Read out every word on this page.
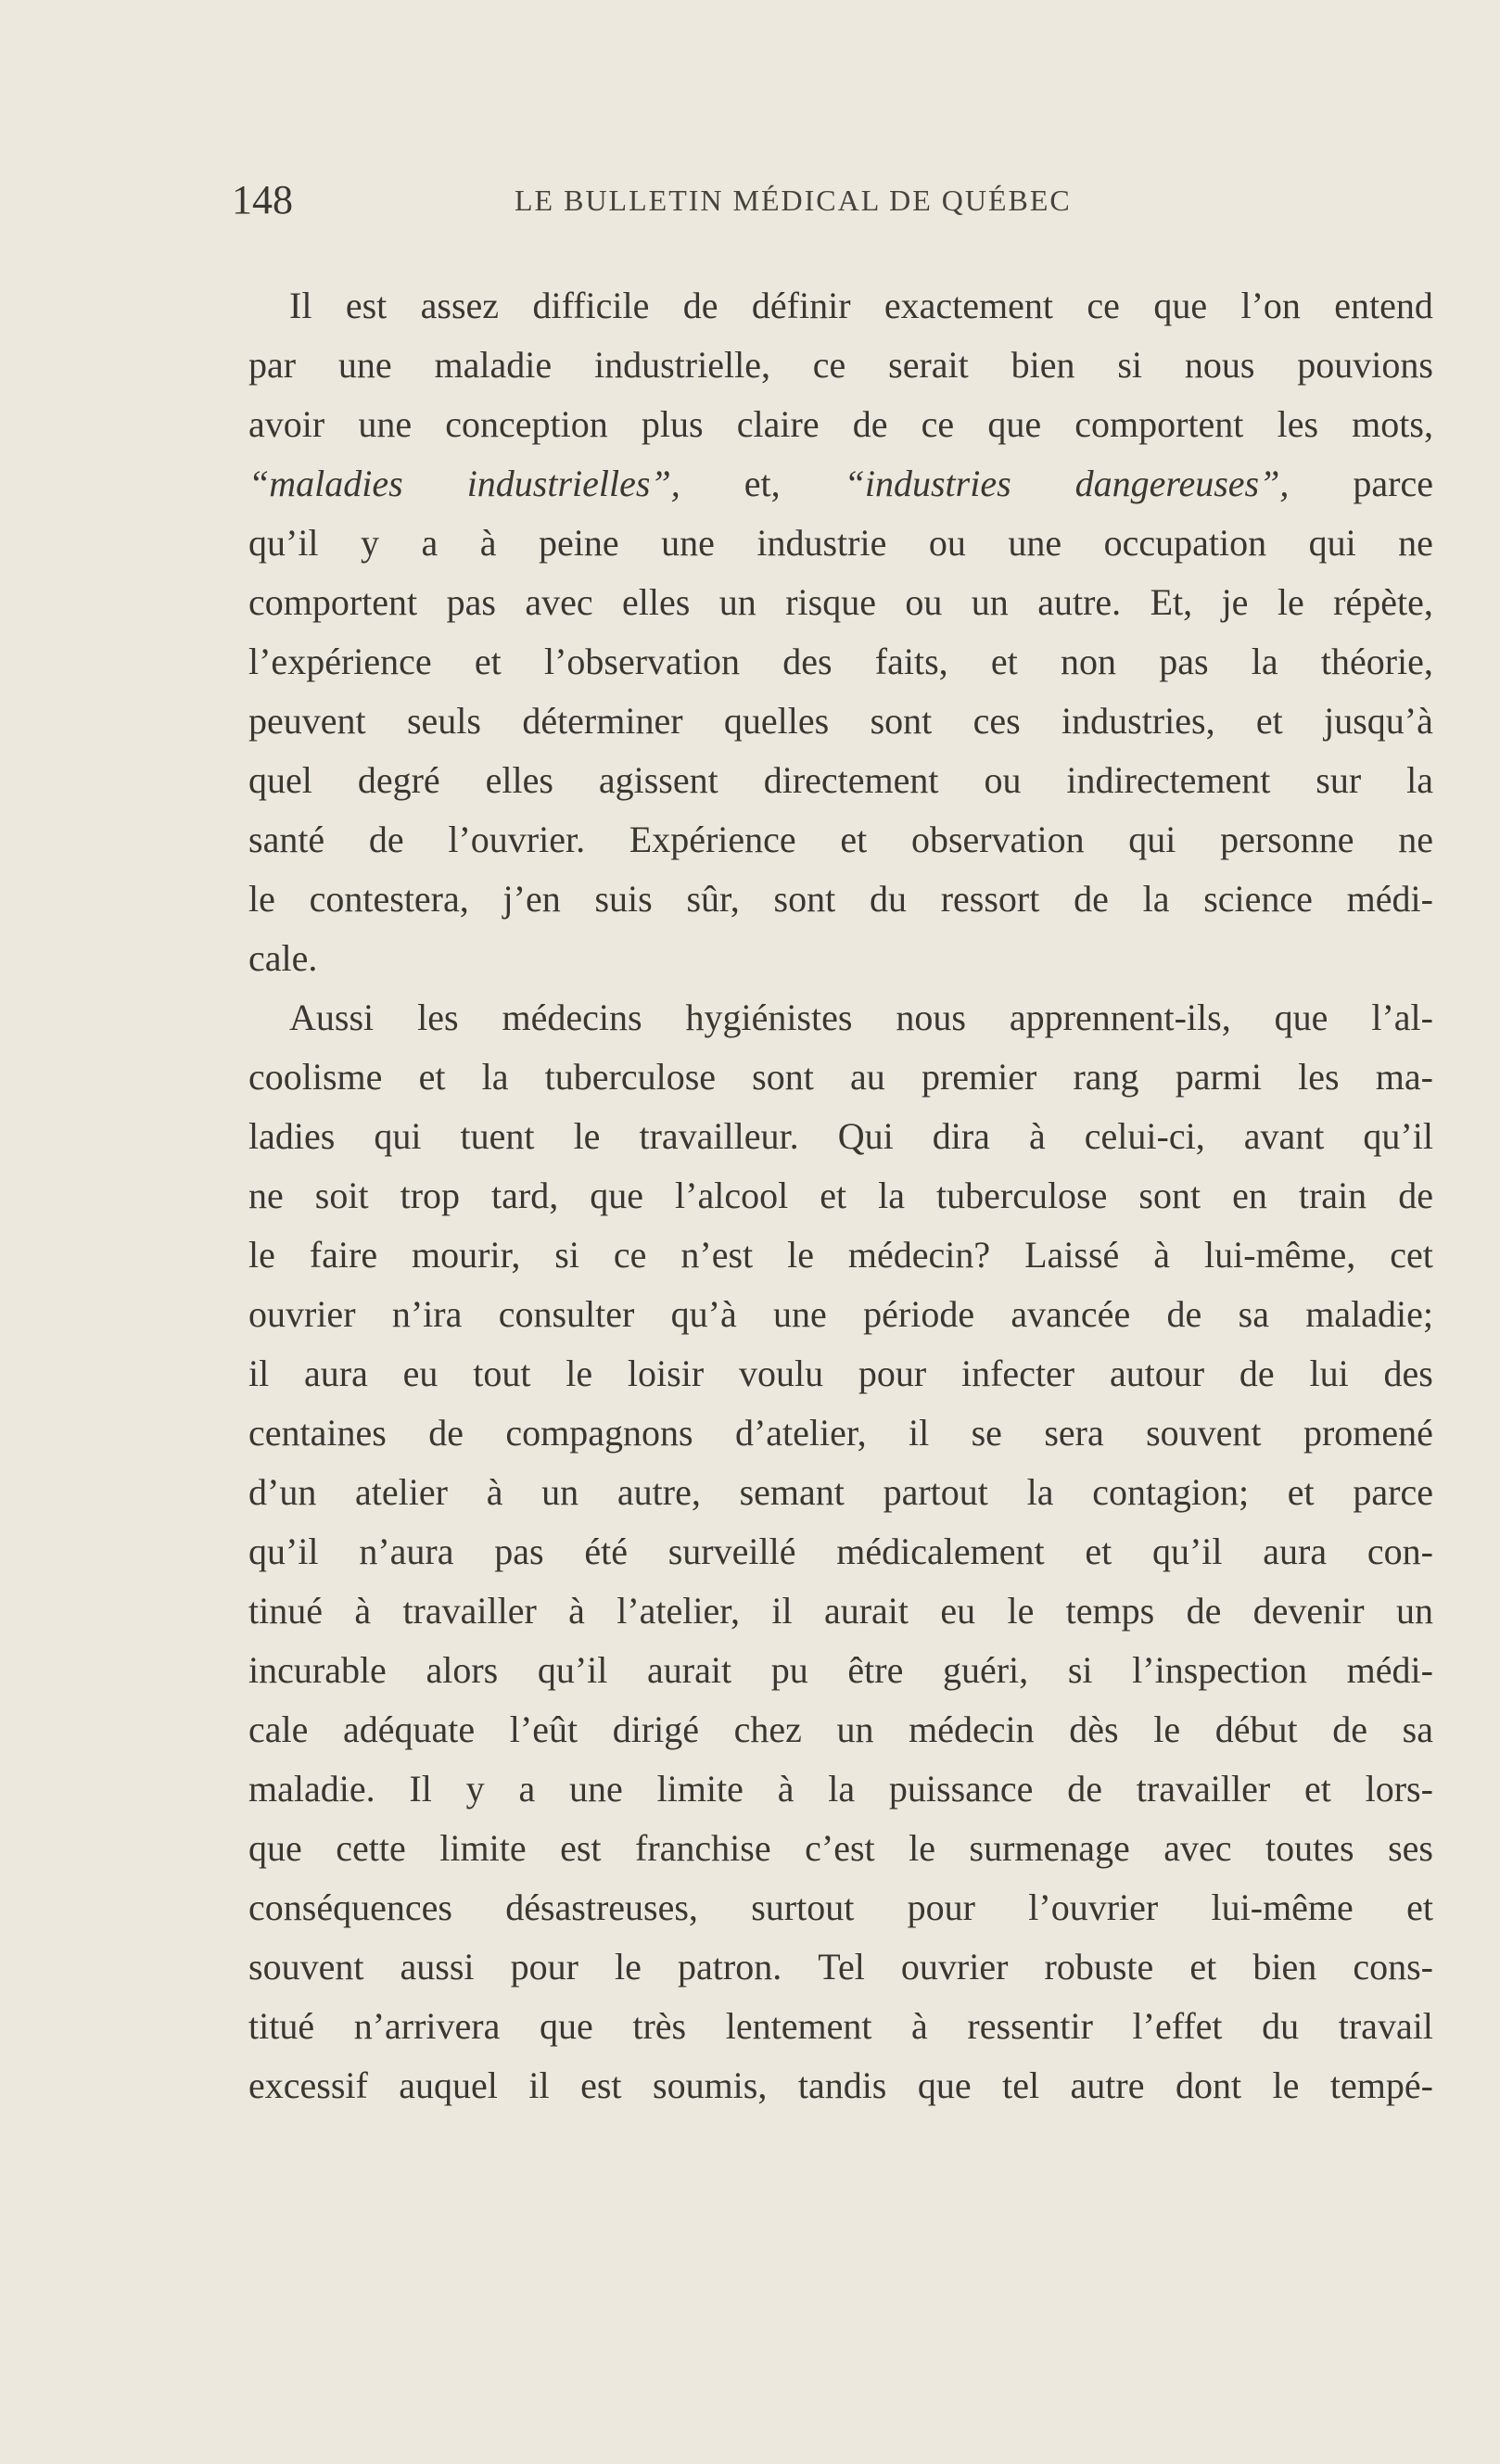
148	LE BULLETIN MÉDICAL DE QUÉBEC
Il est assez difficile de définir exactement ce que l’on entend
par une maladie industrielle, ce serait bien si nous pouvions
avoir une conception plus claire de ce que comportent les mots,
“maladies industrielles”, et, “industries dangereuses”, parce
qu’il y a à peine une industrie ou une occupation qui ne
comportent pas avec elles un risque ou un autre. Et, je le répète,
l’expérience et l’observation des faits, et non pas la théorie,
peuvent seuls déterminer quelles sont ces industries, et jusqu’à
quel degré elles agissent directement ou indirectement sur la
santé de l’ouvrier. Expérience et observation qui personne ne
le contestera, j’en suis sûr, sont du ressort de la science médi-
cale.
Aussi les médecins hygiénistes nous apprennent-ils, que l’al-
coolisme et la tuberculose sont au premier rang parmi les ma-
ladies qui tuent le travailleur. Qui dira à celui-ci, avant qu’il
ne soit trop tard, que l’alcool et la tuberculose sont en train de
le faire mourir, si ce n’est le médecin? Laissé à lui-même, cet
ouvrier n’ira consulter qu’à une période avancée de sa maladie;
il aura eu tout le loisir voulu pour infecter autour de lui des
centaines de compagnons d’atelier, il se sera souvent promené
d’un atelier à un autre, semant partout la contagion; et parce
qu’il n’aura pas été surveillé médicalement et qu’il aura con-
tinué à travailler à l’atelier, il aurait eu le temps de devenir un
incurable alors qu’il aurait pu être guéri, si l’inspection médi-
cale adéquate l’eût dirigé chez un médecin dès le début de sa
maladie. Il y a une limite à la puissance de travailler et lors-
que cette limite est franchise c’est le surmenage avec toutes ses
conséquences désastreuses, surtout pour l’ouvrier lui-même et
souvent aussi pour le patron. Tel ouvrier robuste et bien cons-
titué n’arrivera que très lentement à ressentir l’effet du travail
excessif auquel il est soumis, tandis que tel autre dont le tempé-
